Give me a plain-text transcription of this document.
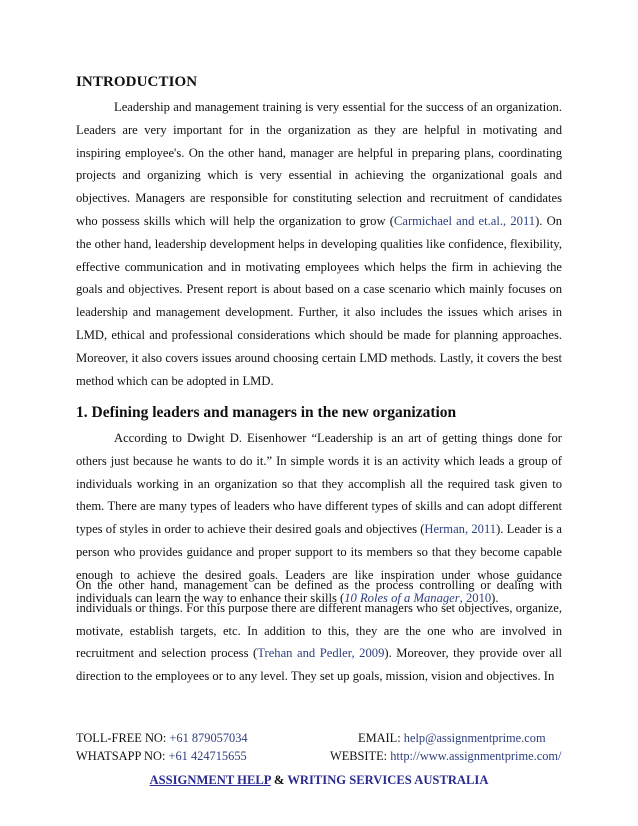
INTRODUCTION
Leadership and management training is very essential for the success of an organization. Leaders are very important for in the organization as they are helpful in motivating and inspiring employee's. On the other hand, manager are helpful in preparing plans, coordinating projects and organizing which is very essential in achieving the organizational goals and objectives. Managers are responsible for constituting selection and recruitment of candidates who possess skills which will help the organization to grow (Carmichael and et.al., 2011). On the other hand, leadership development helps in developing qualities like confidence, flexibility, effective communication and in motivating employees which helps the firm in achieving the goals and objectives. Present report is about based on a case scenario which mainly focuses on leadership and management development. Further, it also includes the issues which arises in LMD, ethical and professional considerations which should be made for planning approaches. Moreover, it also covers issues around choosing certain LMD methods. Lastly, it covers the best method which can be adopted in LMD.
1. Defining leaders and managers in the new organization
According to Dwight D. Eisenhower “Leadership is an art of getting things done for others just because he wants to do it.” In simple words it is an activity which leads a group of individuals working in an organization so that they accomplish all the required task given to them. There are many types of leaders who have different types of skills and can adopt different types of styles in order to achieve their desired goals and objectives (Herman, 2011). Leader is a person who provides guidance and proper support to its members so that they become capable enough to achieve the desired goals. Leaders are like inspiration under whose guidance individuals can learn the way to enhance their skills (10 Roles of a Manager, 2010).
On the other hand, management can be defined as the process controlling or dealing with individuals or things. For this purpose there are different managers who set objectives, organize, motivate, establish targets, etc. In addition to this, they are the one who are involved in recruitment and selection process (Trehan and Pedler, 2009). Moreover, they provide over all direction to the employees or to any level. They set up goals, mission, vision and objectives. In
TOLL-FREE NO: +61 879057034	EMAIL: help@assignmentprime.com
WHATSAPP NO: +61 424715655	WEBSITE: http://www.assignmentprime.com/
ASSIGNMENT HELP & WRITING SERVICES AUSTRALIA
